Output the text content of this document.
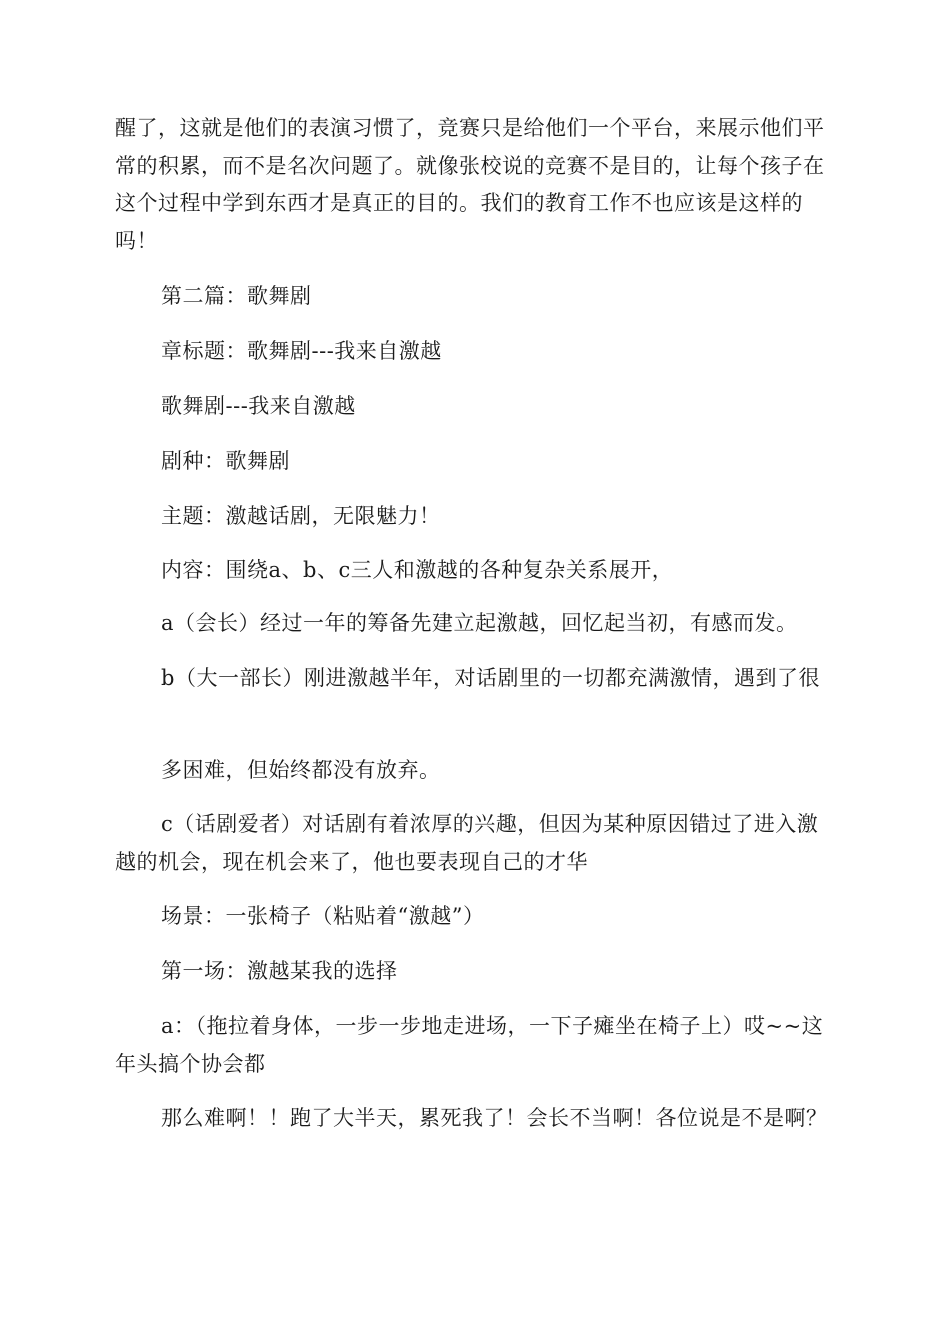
醒了，这就是他们的表演习惯了，竞赛只是给他们一个平台，来展示他们平常的积累，而不是名次问题了。就像张校说的竞赛不是目的，让每个孩子在这个过程中学到东西才是真正的目的。我们的教育工作不也应该是这样的吗！

第二篇：歌舞剧

章标题：歌舞剧---我来自激越

歌舞剧---我来自激越

剧种：歌舞剧

主题：激越话剧，无限魅力！

内容：围绕a、b、c三人和激越的各种复杂关系展开，

a（会长）经过一年的筹备先建立起激越，回忆起当初，有感而发。

b（大一部长）刚进激越半年，对话剧里的一切都充满激情，遇到了很

多困难，但始终都没有放弃。

c（话剧爱者）对话剧有着浓厚的兴趣，但因为某种原因错过了进入激越的机会，现在机会来了，他也要表现自己的才华

场景：一张椅子（粘贴着“激越”）

第一场：激越某我的选择

a：（拖拉着身体，一步一步地走进场，一下子瘫坐在椅子上）哎~~这年头搞个协会都

那么难啊！！跑了大半天，累死我了！会长不当啊！各位说是不是啊？
